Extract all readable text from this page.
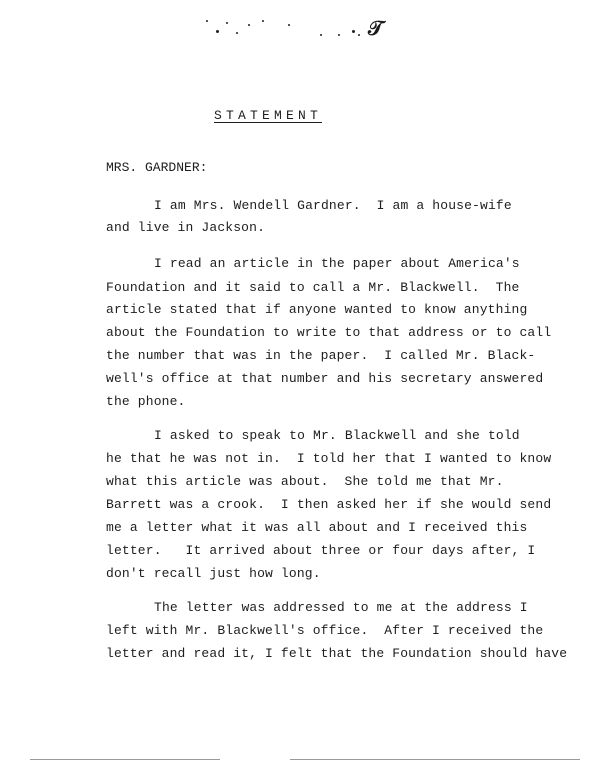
𝒯
STATEMENT
MRS. GARDNER:
I am Mrs. Wendell Gardner.  I am a house-wife
and live in Jackson.
I read an article in the paper about America's
Foundation and it said to call a Mr. Blackwell.  The
article stated that if anyone wanted to know anything
about the Foundation to write to that address or to call
the number that was in the paper.  I called Mr. Black-
well's office at that number and his secretary answered
the phone.
I asked to speak to Mr. Blackwell and she told
he that he was not in.  I told her that I wanted to know
what this article was about.  She told me that Mr.
Barrett was a crook.  I then asked her if she would send
me a letter what it was all about and I received this
letter.   It arrived about three or four days after, I
don't recall just how long.
The letter was addressed to me at the address I
left with Mr. Blackwell's office.  After I received the
letter and read it, I felt that the Foundation should have
